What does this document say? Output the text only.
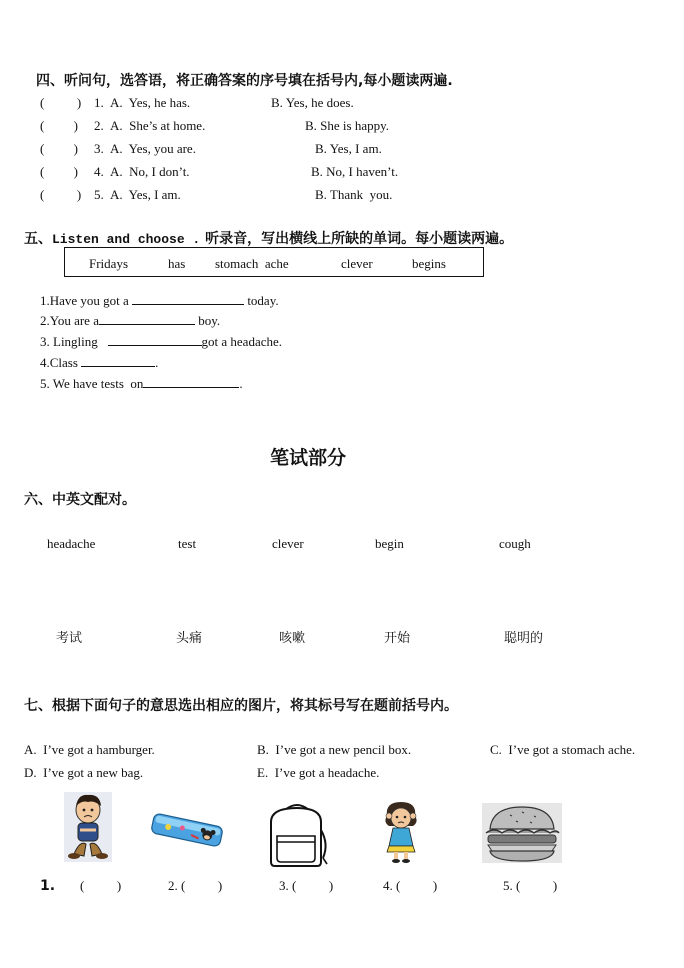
四、听问句，选答语，将正确答案的序号填在括号内,每小题读两遍.
(          ) 1. A.  Yes, he has.	B. Yes, he does.
(         ) 2. A.  She’s at home.	B. She is happy.
(         ) 3. A.  Yes, you are.	B. Yes, I am.
(         ) 4. A.  No, I don’t.	B. No, I haven’t.
(          ) 5. A.  Yes, I am.	B. Thank  you.
五、Listen and choose . 听录音，写出横线上所缺的单词。每小题读两遍。
Fridays	has stomach  ache	clever	begins
1.Have you got a	today.
2.You are a	boy.
3. Lingling	got a headache.
4.Class	.
5. We have tests  on	.
笔试部分
六、中英文配对。
headache	test	clever	begin	cough
考试	头痛	咳嗽	开始	聪明的
七、根据下面句子的意思选出相应的图片，将其标号写在题前括号内。
A.  I’ve got a hamburger.	B.  I’ve got a new pencil box.	C.  I’ve got a stomach ache.
D.  I’ve got a new bag.	E.  I’ve got a headache.
1. (          )	2. (          )	3. (          )	4. (          )	5. (          )
